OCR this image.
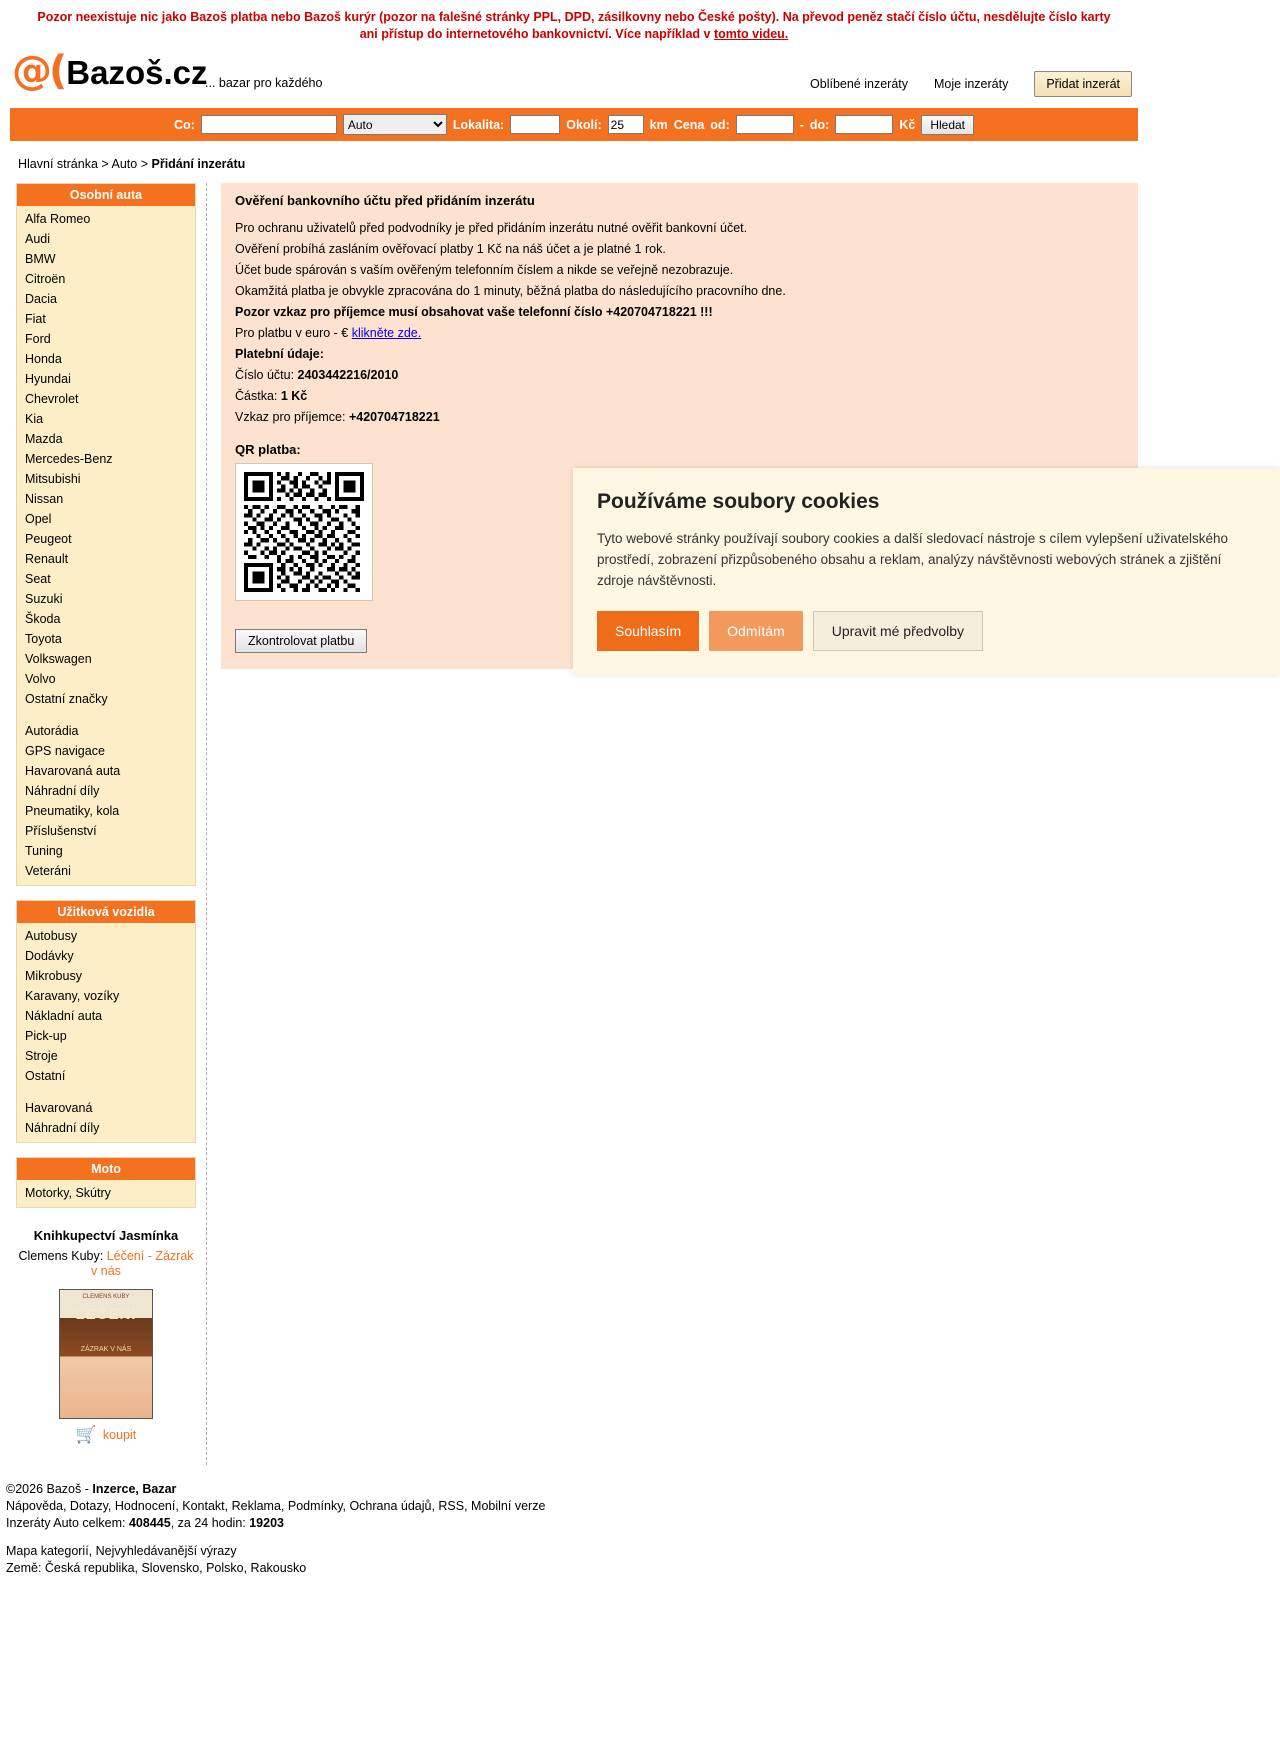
Pozor neexistuje nic jako Bazoš platba nebo Bazoš kurýr (pozor na falešné stránky PPL, DPD, zásilkovny nebo České pošty). Na převod peněz stačí číslo účtu, nesdělujte číslo karty ani přístup do internetového bankovnictví. Více například v tomto videu.
@( Bazoš.cz
... bazar pro každého	Oblíbené inzeráty Moje inzeráty	Přidat inzerát
Co:
Auto	Lokalita:	Okolí:
25	km Cena od:	- do:	Kč	Hledat
Hlavní stránka > Auto > Přidání inzerátu
Osobní auta
Alfa Romeo
Audi
BMW
Citroën
Dacia
Fiat
Ford
Honda
Hyundai
Chevrolet
Kia
Mazda
Mercedes-Benz
Mitsubishi
Nissan
Opel
Peugeot
Renault
Seat
Suzuki
Škoda
Toyota
Volkswagen
Volvo
Ostatní značky
Autorádia
GPS navigace
Havarovaná auta
Náhradní díly
Pneumatiky, kola
Příslušenství
Tuning
Veteráni
Užitková vozidla
Autobusy
Dodávky
Mikrobusy
Karavany, vozíky
Nákladní auta
Pick-up
Stroje
Ostatní
Havarovaná
Náhradní díly
Moto
Motorky, Skútry
Knihkupectví Jasmínka
Clemens Kuby: Léčení - Zázrak v nás
CLEMENS KUBY
LÉČENÍ
ZÁZRAK V NÁS
🛒 koupit
Ověření bankovního účtu před přidáním inzerátu

Pro ochranu uživatelů před podvodníky je před přidáním inzerátu nutné ověřit bankovní účet.

Ověření probíhá zasláním ověřovací platby 1 Kč na náš účet a je platné 1 rok.

Účet bude spárován s vaším ověřeným telefonním číslem a nikde se veřejně nezobrazuje.

Okamžitá platba je obvykle zpracována do 1 minuty, běžná platba do následujícího pracovního dne.

Pozor vzkaz pro příjemce musí obsahovat vaše telefonní číslo +420704718221 !!!

Pro platbu v euro - € klikněte zde.

Platební údaje:

Číslo účtu: 2403442216/2010

Částka: 1 Kč

Vzkaz pro příjemce: +420704718221

QR platba:
Zkontrolovat platbu
©2026 Bazoš - Inzerce, Bazar
Nápověda, Dotazy, Hodnocení, Kontakt, Reklama, Podmínky, Ochrana údajů, RSS, Mobilní verze
Inzeráty Auto celkem: 408445, za 24 hodin: 19203
Mapa kategorií, Nejvyhledávanější výrazy
Země: Česká republika, Slovensko, Polsko, Rakousko
Používáme soubory cookies

Tyto webové stránky používají soubory cookies a další sledovací nástroje s cílem vylepšení uživatelského prostředí, zobrazení přizpůsobeného obsahu a reklam, analýzy návštěvnosti webových stránek a zjištění zdroje návštěvnosti.

Souhlasím	Odmítám	Upravit mé předvolby
